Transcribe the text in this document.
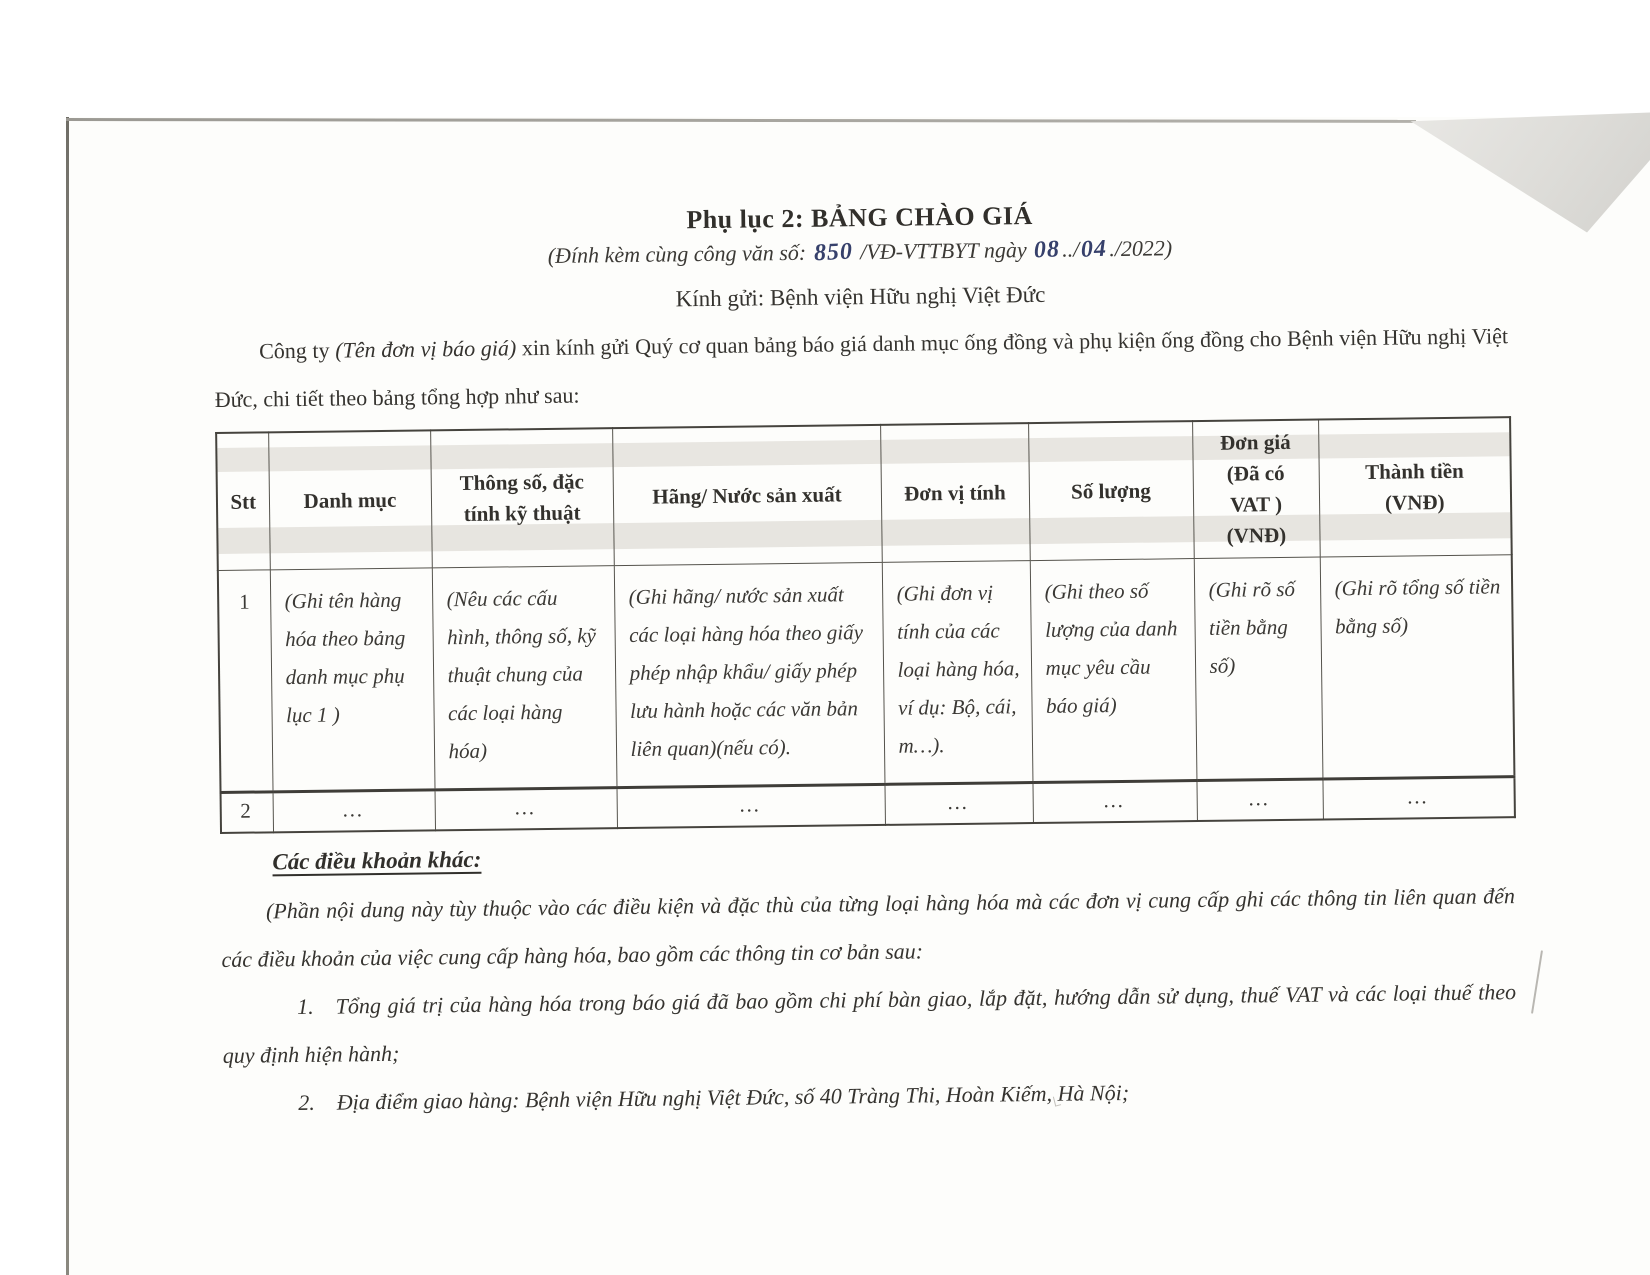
Phụ lục 2: BẢNG CHÀO GIÁ
(Đính kèm cùng công văn số: 850 /VĐ-VTTBYT ngày 08../04./2022)
Kính gửi: Bệnh viện Hữu nghị Việt Đức
Công ty (Tên đơn vị báo giá) xin kính gửi Quý cơ quan bảng báo giá danh mục ống đồng và phụ kiện ống đồng cho Bệnh viện Hữu nghị Việt Đức, chi tiết theo bảng tổng hợp như sau:
Stt	Danh mục	Thông số, đặc tính kỹ thuật	Hãng/ Nước sản xuất	Đơn vị tính	Số lượng	Đơn giá (Đã có VAT ) (VNĐ)	Thành tiền (VNĐ)
1	(Ghi tên hàng hóa theo bảng danh mục phụ lục 1 )	(Nêu các cấu hình, thông số, kỹ thuật chung của các loại hàng hóa)	(Ghi hãng/ nước sản xuất các loại hàng hóa theo giấy phép nhập khẩu/ giấy phép lưu hành hoặc các văn bản liên quan)(nếu có).	(Ghi đơn vị tính của các loại hàng hóa, ví dụ: Bộ, cái, m…).	(Ghi theo số lượng của danh mục yêu cầu báo giá)	(Ghi rõ số tiền bằng số)	(Ghi rõ tổng số tiền bằng số)
2	…	…	…	…	…	…	…
Các điều khoản khác:
(Phần nội dung này tùy thuộc vào các điều kiện và đặc thù của từng loại hàng hóa mà các đơn vị cung cấp ghi các thông tin liên quan đến các điều khoản của việc cung cấp hàng hóa, bao gồm các thông tin cơ bản sau:
1. Tổng giá trị của hàng hóa trong báo giá đã bao gồm chi phí bàn giao, lắp đặt, hướng dẫn sử dụng, thuế VAT và các loại thuế theo quy định hiện hành;
2. Địa điểm giao hàng: Bệnh viện Hữu nghị Việt Đức, số 40 Tràng Thi, Hoàn Kiếm, Hà Nội;
